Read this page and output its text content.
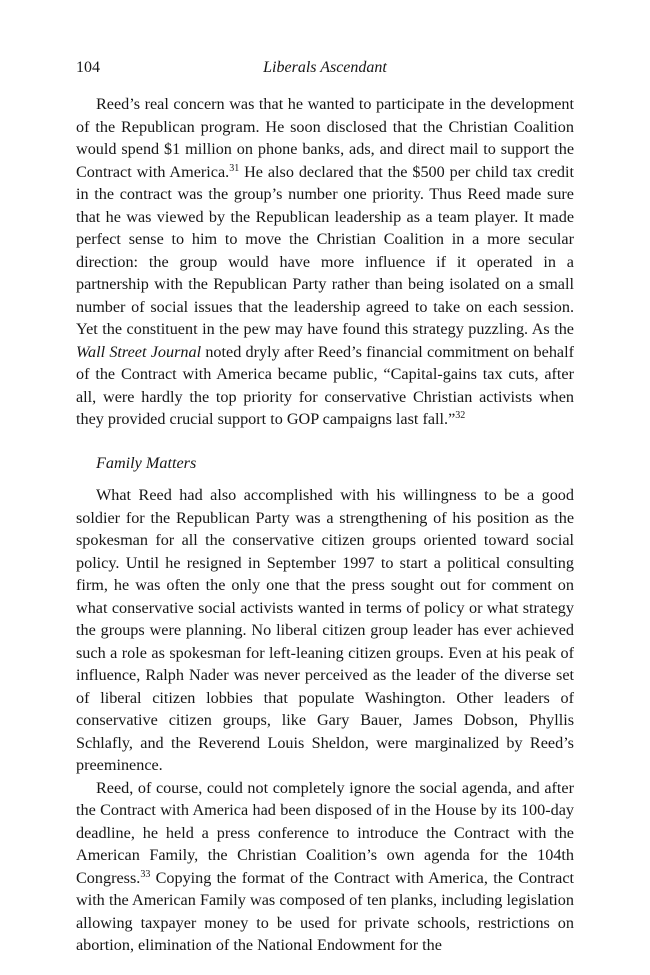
104	Liberals Ascendant

Reed’s real concern was that he wanted to participate in the development of the Republican program. He soon disclosed that the Christian Coalition would spend $1 million on phone banks, ads, and direct mail to support the Contract with America.$^{31}$ He also declared that the $500 per child tax credit in the contract was the group’s number one priority. Thus Reed made sure that he was viewed by the Republican leadership as a team player. It made perfect sense to him to move the Christian Coalition in a more secular direction: the group would have more influence if it operated in a partnership with the Republican Party rather than being isolated on a small number of social issues that the leadership agreed to take on each session. Yet the constituent in the pew may have found this strategy puzzling. As the Wall Street Journal noted dryly after Reed’s financial commitment on behalf of the Contract with America became public, “Capital-gains tax cuts, after all, were hardly the top priority for conservative Christian activists when they provided crucial support to GOP campaigns last fall.”$^{32}$

Family Matters

What Reed had also accomplished with his willingness to be a good soldier for the Republican Party was a strengthening of his position as the spokesman for all the conservative citizen groups oriented toward social policy. Until he resigned in September 1997 to start a political consulting firm, he was often the only one that the press sought out for comment on what conservative social activists wanted in terms of policy or what strategy the groups were planning. No liberal citizen group leader has ever achieved such a role as spokesman for left-leaning citizen groups. Even at his peak of influence, Ralph Nader was never perceived as the leader of the diverse set of liberal citizen lobbies that populate Washington. Other leaders of conservative citizen groups, like Gary Bauer, James Dobson, Phyllis Schlafly, and the Reverend Louis Sheldon, were marginalized by Reed’s preeminence.

Reed, of course, could not completely ignore the social agenda, and after the Contract with America had been disposed of in the House by its 100-day deadline, he held a press conference to introduce the Contract with the American Family, the Christian Coalition’s own agenda for the 104th Congress.$^{33}$ Copying the format of the Contract with America, the Contract with the American Family was composed of ten planks, including legislation allowing taxpayer money to be used for private schools, restrictions on abortion, elimination of the National Endowment for the
